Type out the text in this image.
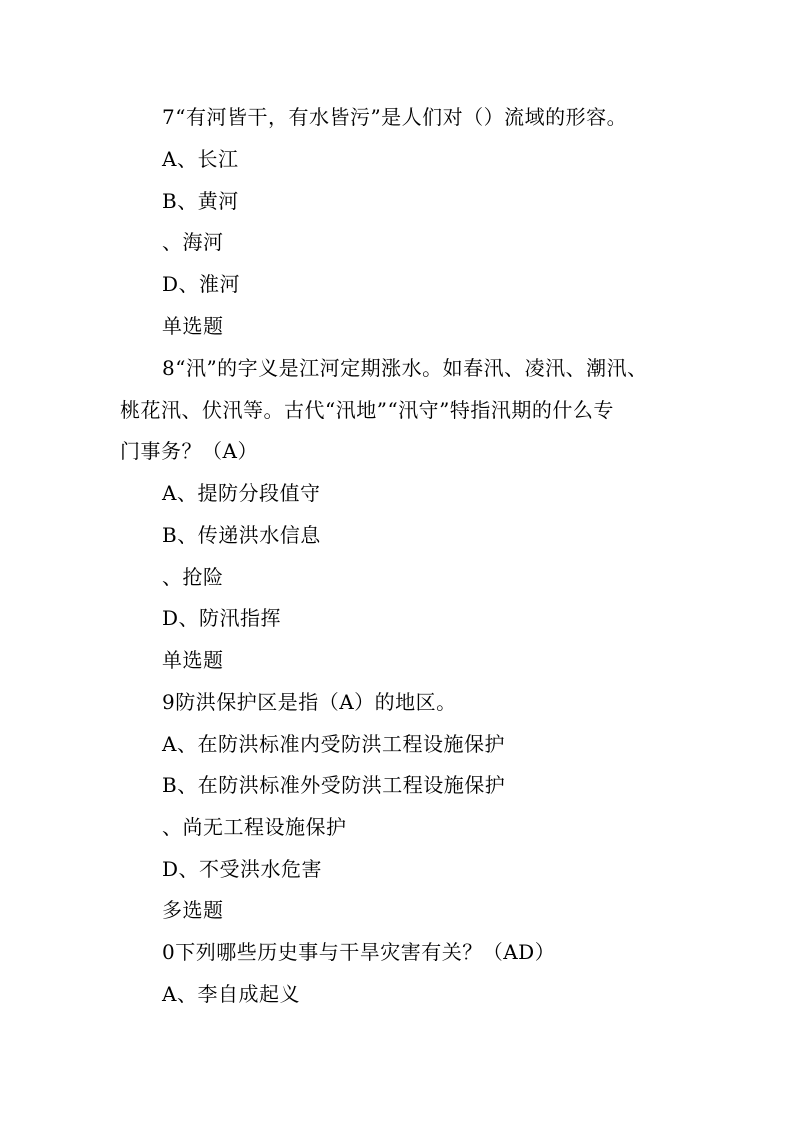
7“有河皆干，有水皆污”是人们对（）流域的形容。
A、长江
B、黄河
、海河
D、淮河
单选题
8“汛”的字义是江河定期涨水。如春汛、凌汛、潮汛、
桃花汛、伏汛等。古代“汛地”“汛守”特指汛期的什么专
门事务？（A）
A、提防分段值守
B、传递洪水信息
、抢险
D、防汛指挥
单选题
9防洪保护区是指（A）的地区。
A、在防洪标准内受防洪工程设施保护
B、在防洪标准外受防洪工程设施保护
、尚无工程设施保护
D、不受洪水危害
多选题
0下列哪些历史事与干旱灾害有关？（AD）
A、李自成起义
